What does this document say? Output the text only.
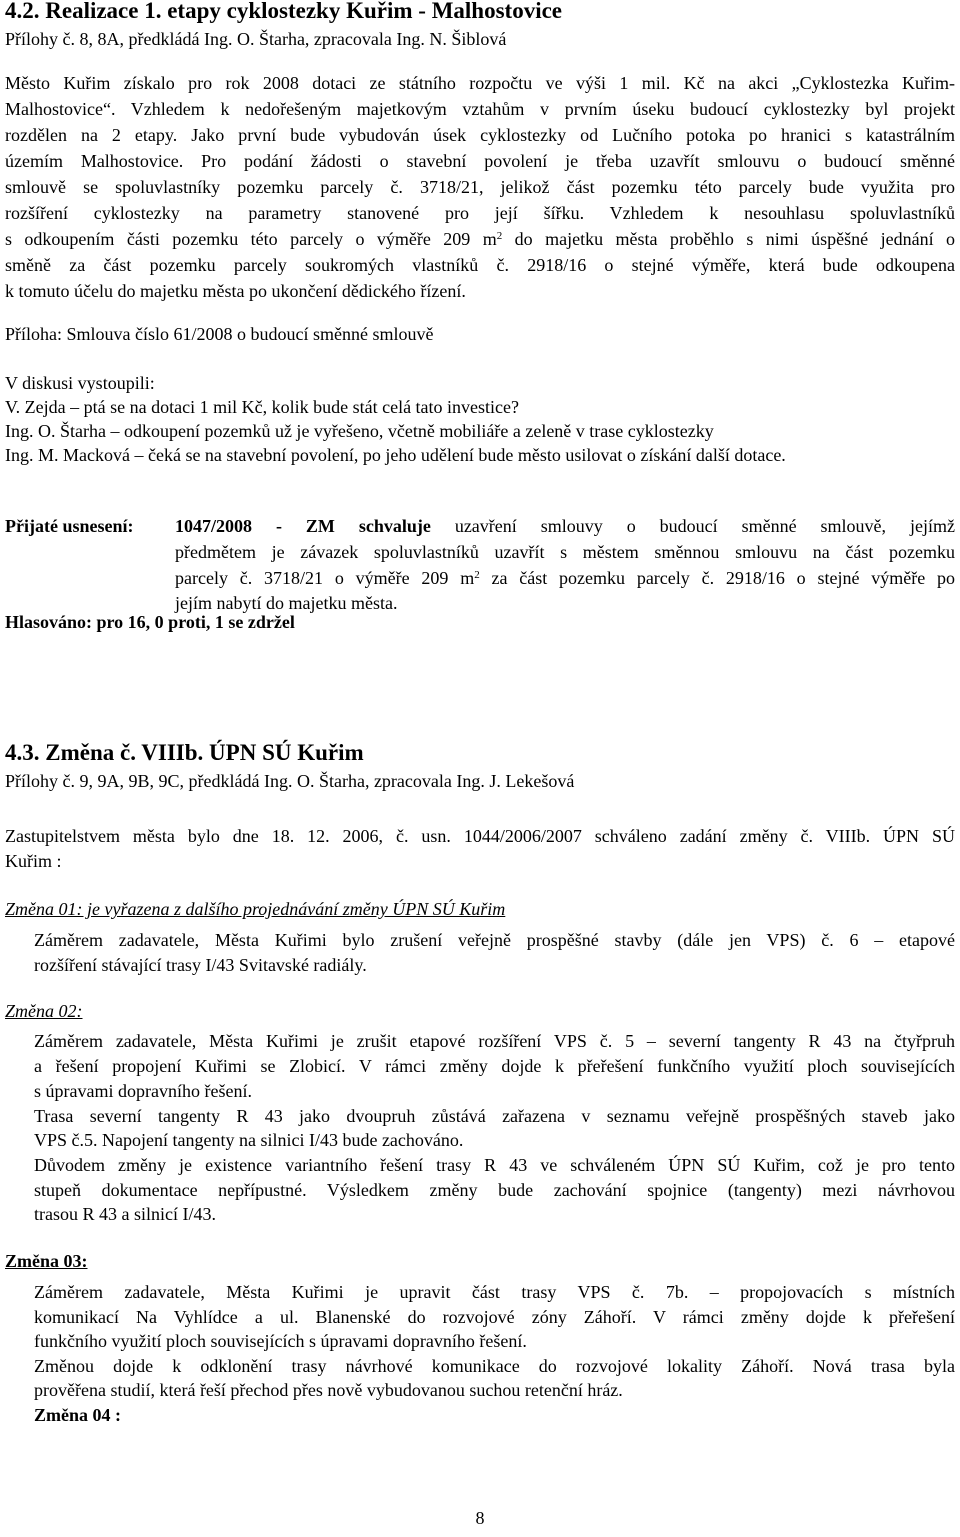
4.2. Realizace 1. etapy cyklostezky Kuřim - Malhostovice
Přílohy č. 8, 8A, předkládá Ing. O. Štarha, zpracovala Ing. N. Šiblová
Město Kuřim získalo pro rok 2008 dotaci ze státního rozpočtu ve výši 1 mil. Kč na akci „Cyklostezka Kuřim-
Malhostovice“. Vzhledem k nedořešeným majetkovým vztahům v prvním úseku budoucí cyklostezky byl projekt
rozdělen na 2 etapy. Jako první bude vybudován úsek cyklostezky od Lučního potoka po hranici s katastrálním
územím Malhostovice. Pro podání žádosti o stavební povolení je třeba uzavřít smlouvu o budoucí směnné
smlouvě se spoluvlastníky pozemku parcely č. 3718/21, jelikož část pozemku této parcely bude využita pro
rozšíření cyklostezky na parametry stanovené pro její šířku. Vzhledem k nesouhlasu spoluvlastníků
s odkoupením části pozemku této parcely o výměře 209 $m^2$ do majetku města proběhlo s nimi úspěšné jednání o
směně za část pozemku parcely soukromých vlastníků č. 2918/16 o stejné výměře, která bude odkoupena
k tomuto účelu do majetku města po ukončení dědického řízení.
Příloha: Smlouva číslo 61/2008 o budoucí směnné smlouvě
V diskusi vystoupili:
V. Zejda – ptá se na dotaci 1 mil Kč, kolik bude stát celá tato investice?
Ing. O. Štarha – odkoupení pozemků už je vyřešeno, včetně mobiliáře a zeleně v trase cyklostezky
Ing. M. Macková – čeká se na stavební povolení, po jeho udělení bude město usilovat o získání další dotace.
Přijaté usnesení: 1047/2008 - ZM schvaluje uzavření smlouvy o budoucí směnné smlouvě, jejímž
předmětem je závazek spoluvlastníků uzavřít s městem směnnou smlouvu na část pozemku
parcely č. 3718/21 o výměře 209 $m^2$ za část pozemku parcely č. 2918/16 o stejné výměře po
jejím nabytí do majetku města.
Hlasováno: pro 16, 0 proti, 1 se zdržel
4.3. Změna č. VIIIb. ÚPN SÚ Kuřim
Přílohy č. 9, 9A, 9B, 9C, předkládá Ing. O. Štarha, zpracovala Ing. J. Lekešová
Zastupitelstvem města bylo dne 18. 12. 2006, č. usn. 1044/2006/2007 schváleno zadání změny č. VIIIb. ÚPN SÚ
Kuřim :
Změna 01: je vyřazena z dalšího projednávání změny ÚPN SÚ Kuřim
Záměrem zadavatele, Města Kuřimi bylo zrušení veřejně prospěšné stavby (dále jen VPS) č. 6 – etapové
rozšíření stávající trasy I/43 Svitavské radiály.
Změna 02:
Záměrem zadavatele, Města Kuřimi je zrušit etapové rozšíření VPS č. 5 – severní tangenty R 43 na čtyřpruh
a řešení propojení Kuřimi se Zlobicí. V rámci změny dojde k přeřešení funkčního využití ploch souvisejících
s úpravami dopravního řešení.
Trasa severní tangenty R 43 jako dvoupruh zůstává zařazena v seznamu veřejně prospěšných staveb jako
VPS č.5. Napojení tangenty na silnici I/43 bude zachováno.
Důvodem změny je existence variantního řešení trasy R 43 ve schváleném ÚPN SÚ Kuřim, což je pro tento
stupeň dokumentace nepřípustné. Výsledkem změny bude zachování spojnice (tangenty) mezi návrhovou
trasou R 43 a silnicí I/43.
Změna 03:
Záměrem zadavatele, Města Kuřimi je upravit část trasy VPS č. 7b. – propojovacích s místních
komunikací Na Vyhlídce a ul. Blanenské do rozvojové zóny Záhoří. V rámci změny dojde k přeřešení
funkčního využití ploch souvisejících s úpravami dopravního řešení.
Změnou dojde k odklonění trasy návrhové komunikace do rozvojové lokality Záhoří. Nová trasa byla
prověřena studií, která řeší přechod přes nově vybudovanou suchou retenční hráz.
Změna 04 :
8
